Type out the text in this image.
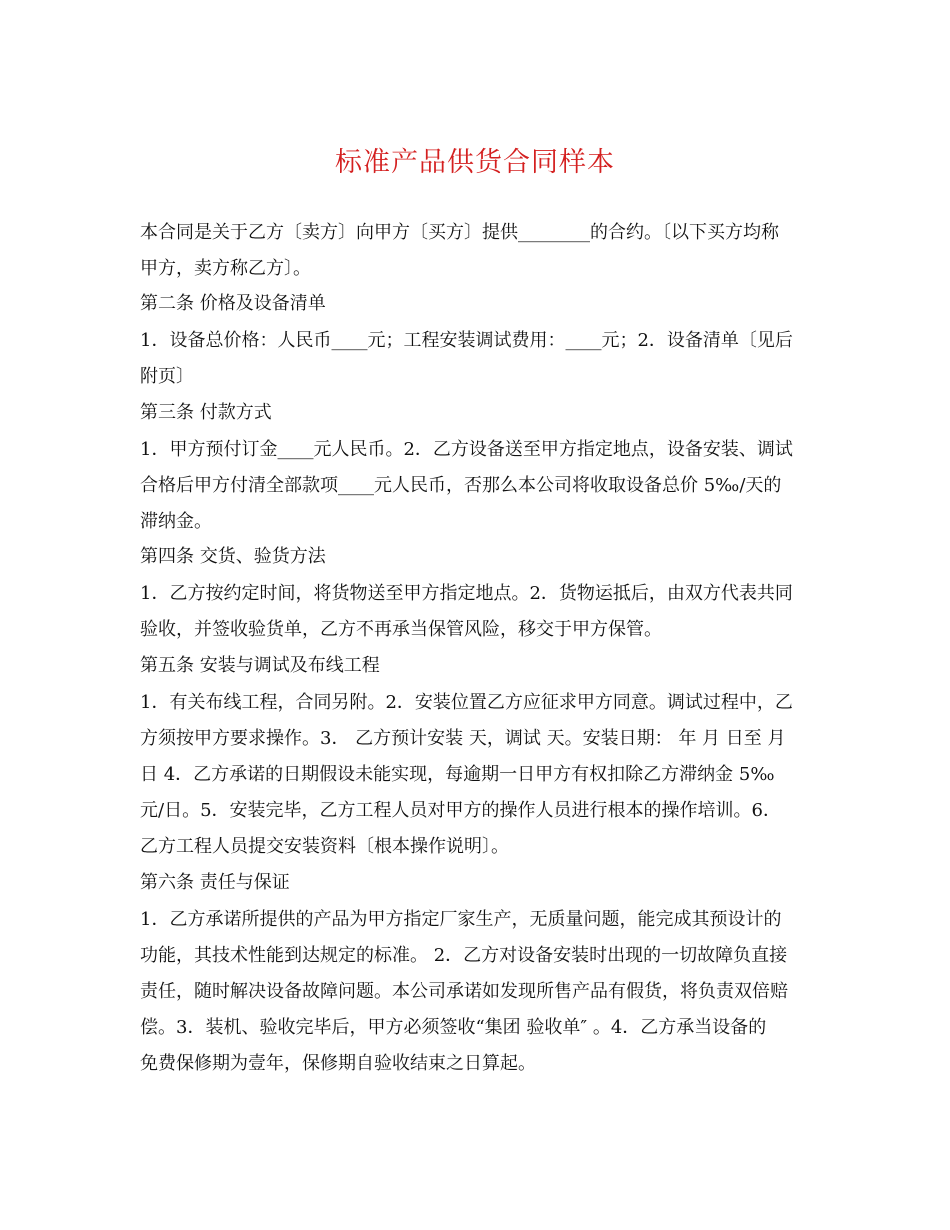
标准产品供货合同样本
本合同是关于乙方〔卖方〕向甲方〔买方〕提供________的合约。〔以下买方均称
甲方，卖方称乙方〕。
第二条 价格及设备清单
1．设备总价格：人民币____元；工程安装调试费用：____元；2．设备清单〔见后
附页〕
第三条 付款方式
1．甲方预付订金____元人民币。2．乙方设备送至甲方指定地点，设备安装、调试
合格后甲方付清全部款项____元人民币，否那么本公司将收取设备总价 5‰/天的
滞纳金。
第四条 交货、验货方法
1．乙方按约定时间，将货物送至甲方指定地点。2．货物运抵后，由双方代表共同
验收，并签收验货单，乙方不再承当保管风险，移交于甲方保管。
第五条 安装与调试及布线工程
1．有关布线工程，合同另附。2．安装位置乙方应征求甲方同意。调试过程中，乙
方须按甲方要求操作。3． 乙方预计安装 天，调试 天。安装日期： 年 月 日至 月
日 4．乙方承诺的日期假设未能实现，每逾期一日甲方有权扣除乙方滞纳金 5‰
元/日。5．安装完毕，乙方工程人员对甲方的操作人员进行根本的操作培训。6．
乙方工程人员提交安装资料〔根本操作说明〕。
第六条 责任与保证
1．乙方承诺所提供的产品为甲方指定厂家生产，无质量问题，能完成其预设计的
功能，其技术性能到达规定的标准。 2．乙方对设备安装时出现的一切故障负直接
责任，随时解决设备故障问题。本公司承诺如发现所售产品有假货，将负责双倍赔
偿。3．装机、验收完毕后，甲方必须签收“集团 验收单″ 。4．乙方承当设备的
免费保修期为壹年，保修期自验收结束之日算起。
